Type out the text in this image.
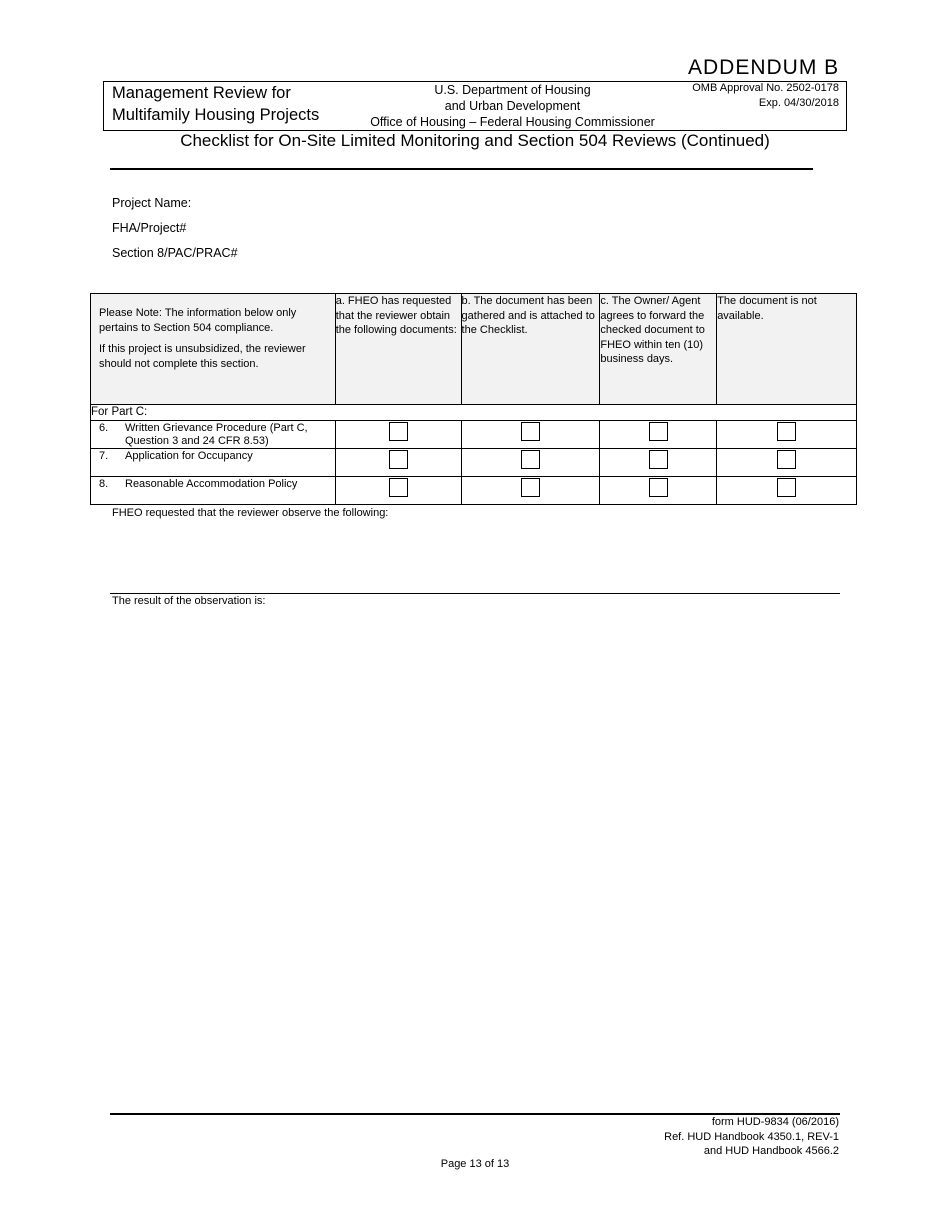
ADDENDUM B
Management Review for
Multifamily Housing Projects
U.S. Department of Housing
and Urban Development
Office of Housing – Federal Housing Commissioner
OMB Approval No. 2502-0178
Exp. 04/30/2018
Checklist for On-Site Limited Monitoring and Section 504 Reviews (Continued)
Project Name:
FHA/Project#
Section 8/PAC/PRAC#

Please Note: The information below only pertains to Section 504 compliance.

If this project is unsubsidized, the reviewer should not complete this section.	a. FHEO has requested that the reviewer obtain the following documents:	b. The document has been gathered and is attached to the Checklist.	c. The Owner/ Agent agrees to forward the checked document to FHEO within ten (10) business days.	The document is not available.
For Part C:				

6. Written Grievance Procedure (Part C, Question 3 and 24 CFR 8.53)				

7. Application for Occupancy				

8. Reasonable Accommodation Policy				

FHEO requested that the reviewer observe the following:
The result of the observation is:
form HUD-9834 (06/2016)
Ref. HUD Handbook 4350.1, REV-1
and HUD Handbook 4566.2
Page 13 of 13
